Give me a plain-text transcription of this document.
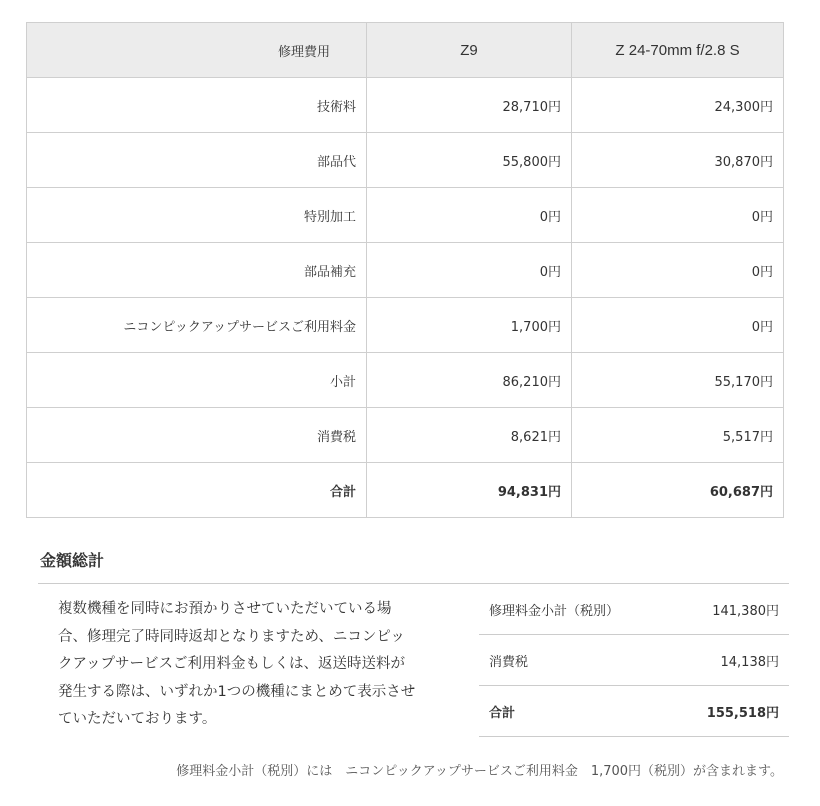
修理費用	Z9	Z 24-70mm f/2.8 S
技術料	28,710円	24,300円
部品代	55,800円	30,870円
特別加工	0円	0円
部品補充	0円	0円
ニコンピックアップサービスご利用料金	1,700円	0円
小計	86,210円	55,170円
消費税	8,621円	5,517円
合計	94,831円	60,687円
金額総計

複数機種を同時にお預かりさせていただいている場合、修理完了時同時返却となりますため、ニコンピックアップサービスご利用料金もしくは、返送時送料が発生する際は、いずれか1つの機種にまとめて表示させていただいております。

修理料金小計（税別）	141,380円
消費税	14,138円
合計	155,518円
修理料金小計（税別）には　ニコンピックアップサービスご利用料金　1,700円（税別）が含まれます。
